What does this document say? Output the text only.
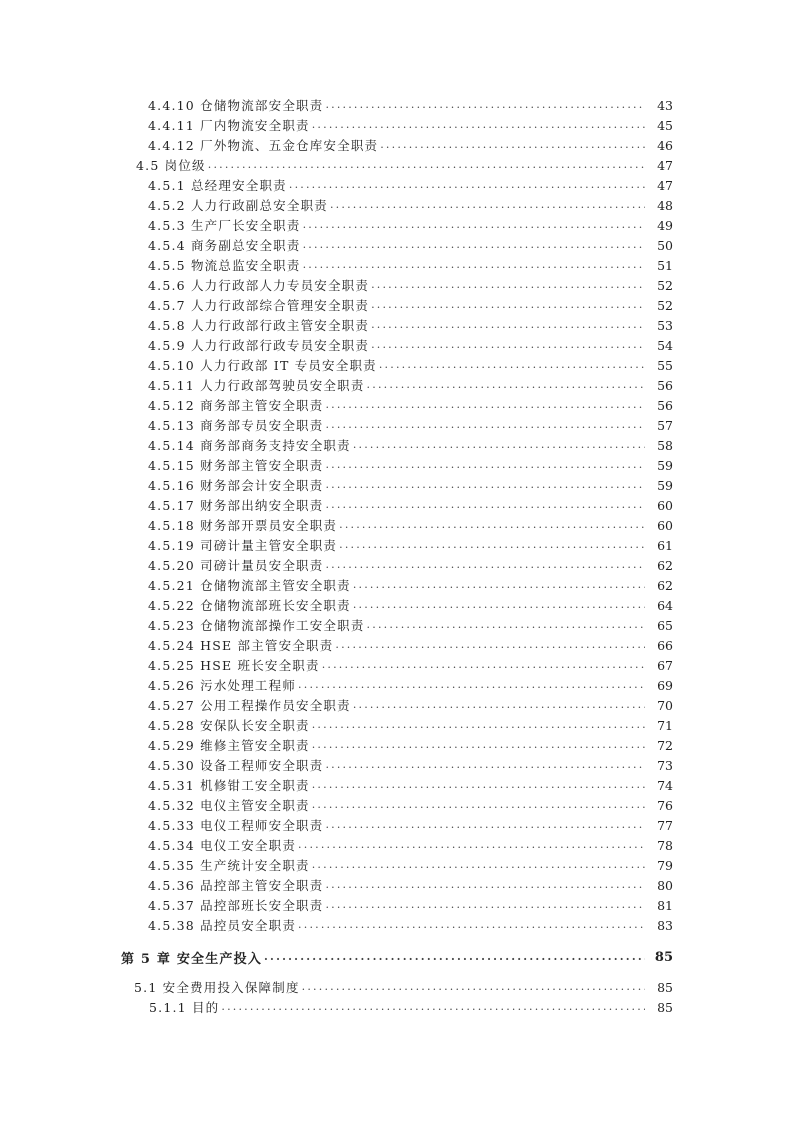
4.4.10 仓储物流部安全职责 .....	43
4.4.11 厂内物流安全职责 .....	45
4.4.12 厂外物流、五金仓库安全职责 .....	46
4.5 岗位级 .....	47
4.5.1 总经理安全职责 .....	47
4.5.2 人力行政副总安全职责 .....	48
4.5.3 生产厂长安全职责 .....	49
4.5.4 商务副总安全职责 .....	50
4.5.5 物流总监安全职责 .....	51
4.5.6 人力行政部人力专员安全职责 .....	52
4.5.7 人力行政部综合管理安全职责 .....	52
4.5.8 人力行政部行政主管安全职责 .....	53
4.5.9 人力行政部行政专员安全职责 .....	54
4.5.10 人力行政部 IT 专员安全职责 .....	55
4.5.11 人力行政部驾驶员安全职责 .....	56
4.5.12 商务部主管安全职责 .....	56
4.5.13 商务部专员安全职责 .....	57
4.5.14 商务部商务支持安全职责 .....	58
4.5.15 财务部主管安全职责 .....	59
4.5.16 财务部会计安全职责 .....	59
4.5.17 财务部出纳安全职责 .....	60
4.5.18 财务部开票员安全职责 .....	60
4.5.19 司磅计量主管安全职责 .....	61
4.5.20 司磅计量员安全职责 .....	62
4.5.21 仓储物流部主管安全职责 .....	62
4.5.22 仓储物流部班长安全职责 .....	64
4.5.23 仓储物流部操作工安全职责 .....	65
4.5.24 HSE 部主管安全职责 .....	66
4.5.25 HSE 班长安全职责 .....	67
4.5.26 污水处理工程师 .....	69
4.5.27 公用工程操作员安全职责 .....	70
4.5.28 安保队长安全职责 .....	71
4.5.29 维修主管安全职责 .....	72
4.5.30 设备工程师安全职责 .....	73
4.5.31 机修钳工安全职责 .....	74
4.5.32 电仪主管安全职责 .....	76
4.5.33 电仪工程师安全职责 .....	77
4.5.34 电仪工安全职责 .....	78
4.5.35 生产统计安全职责 .....	79
4.5.36 品控部主管安全职责 .....	80
4.5.37 品控部班长安全职责 .....	81
4.5.38 品控员安全职责 .....	83
第 5 章 安全生产投入 .....	85
5.1 安全费用投入保障制度 .....	85
5.1.1 目的 .....	85
